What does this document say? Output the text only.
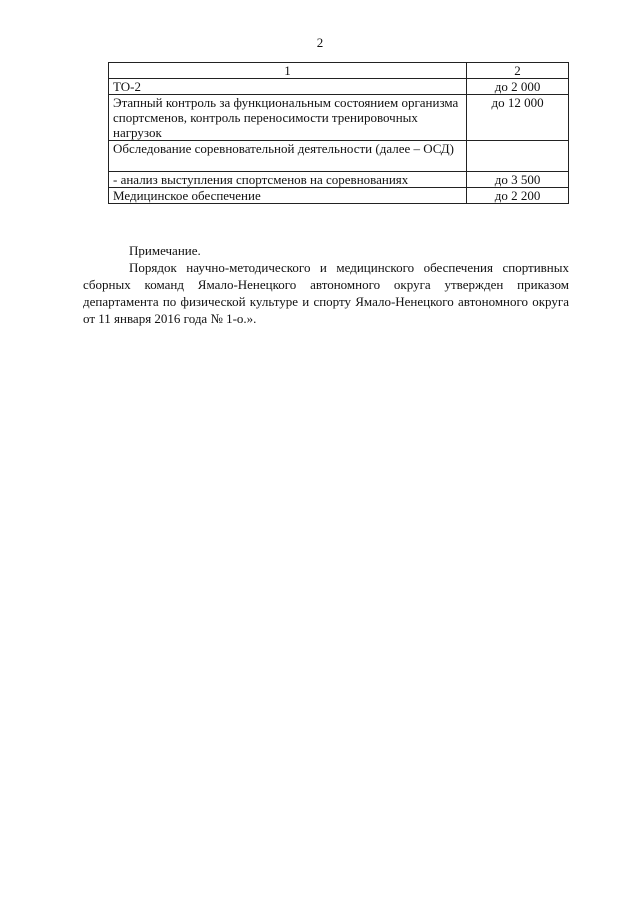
2
1	2
ТО-2	до 2 000
Этапный контроль за функциональным состоянием организма спортсменов, контроль переносимости тренировочных нагрузок	до 12 000
Обследование соревновательной деятельности (далее – ОСД)	
- анализ выступления спортсменов на соревнованиях	до 3 500
Медицинское обеспечение	до 2 200
Примечание.
Порядок научно-методического и медицинского обеспечения спортивных сборных команд Ямало-Ненецкого автономного округа утвержден приказом департамента по физической культуре и спорту Ямало-Ненецкого автономного округа от 11 января 2016 года № 1-о.».
